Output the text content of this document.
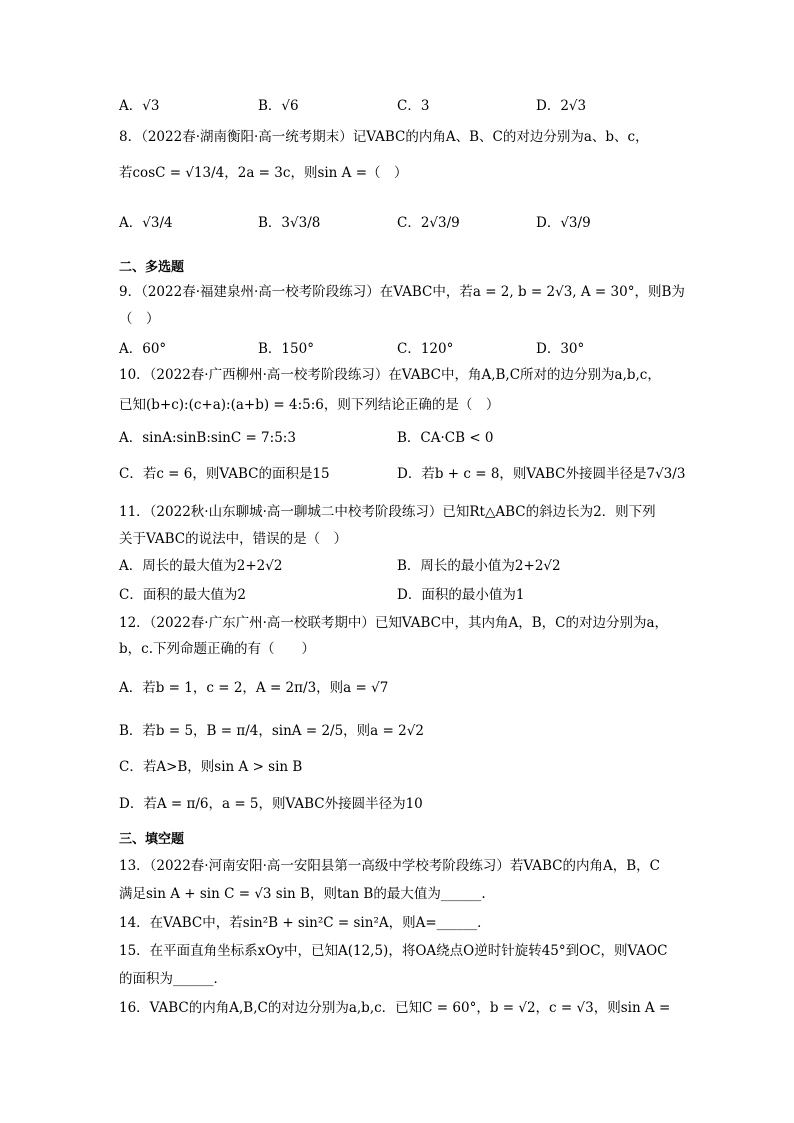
A．√3	B．√6	C．3	D．2√3
8．（2022春·湖南衡阳·高一统考期末）记VABC的内角A、B、C的对边分别为a、b、c，
若cosC = √13/4，2a = 3c，则sin A =（　）
A．√3/4	B．3√3/8	C．2√3/9	D．√3/9
二、多选题
9．（2022春·福建泉州·高一校考阶段练习）在VABC中，若a = 2, b = 2√3, A = 30°，则B为
（　）
A．60°	B．150°	C．120°	D．30°
10．（2022春·广西柳州·高一校考阶段练习）在VABC中，角A,B,C所对的边分别为a,b,c，
已知(b+c):(c+a):(a+b) = 4:5:6，则下列结论正确的是（　）
A．sinA:sinB:sinC = 7:5:3	B．CA·CB < 0
C．若c = 6，则VABC的面积是15	D．若b + c = 8，则VABC外接圆半径是7√3/3
11．（2022秋·山东聊城·高一聊城二中校考阶段练习）已知Rt△ABC的斜边长为2．则下列
关于VABC的说法中，错误的是（　）
A．周长的最大值为2+2√2	B．周长的最小值为2+2√2
C．面积的最大值为2	D．面积的最小值为1
12．（2022春·广东广州·高一校联考期中）已知VABC中，其内角A，B，C的对边分别为a，
b，c.下列命题正确的有（　　）
A．若b = 1，c = 2，A = 2π/3，则a = √7
B．若b = 5，B = π/4，sinA = 2/5，则a = 2√2
C．若A>B，则sin A > sin B
D．若A = π/6，a = 5，则VABC外接圆半径为10
三、填空题
13．（2022春·河南安阳·高一安阳县第一高级中学校考阶段练习）若VABC的内角A，B，C
满足sin A + sin C = √3 sin B，则tan B的最大值为______.
14．在VABC中，若sin²B + sin²C = sin²A，则A=______．
15．在平面直角坐标系xOy中，已知A(12,5)，将OA绕点O逆时针旋转45°到OC，则VAOC
的面积为______．
16．VABC的内角A,B,C的对边分别为a,b,c．已知C = 60°，b = √2，c = √3，则sin A =
